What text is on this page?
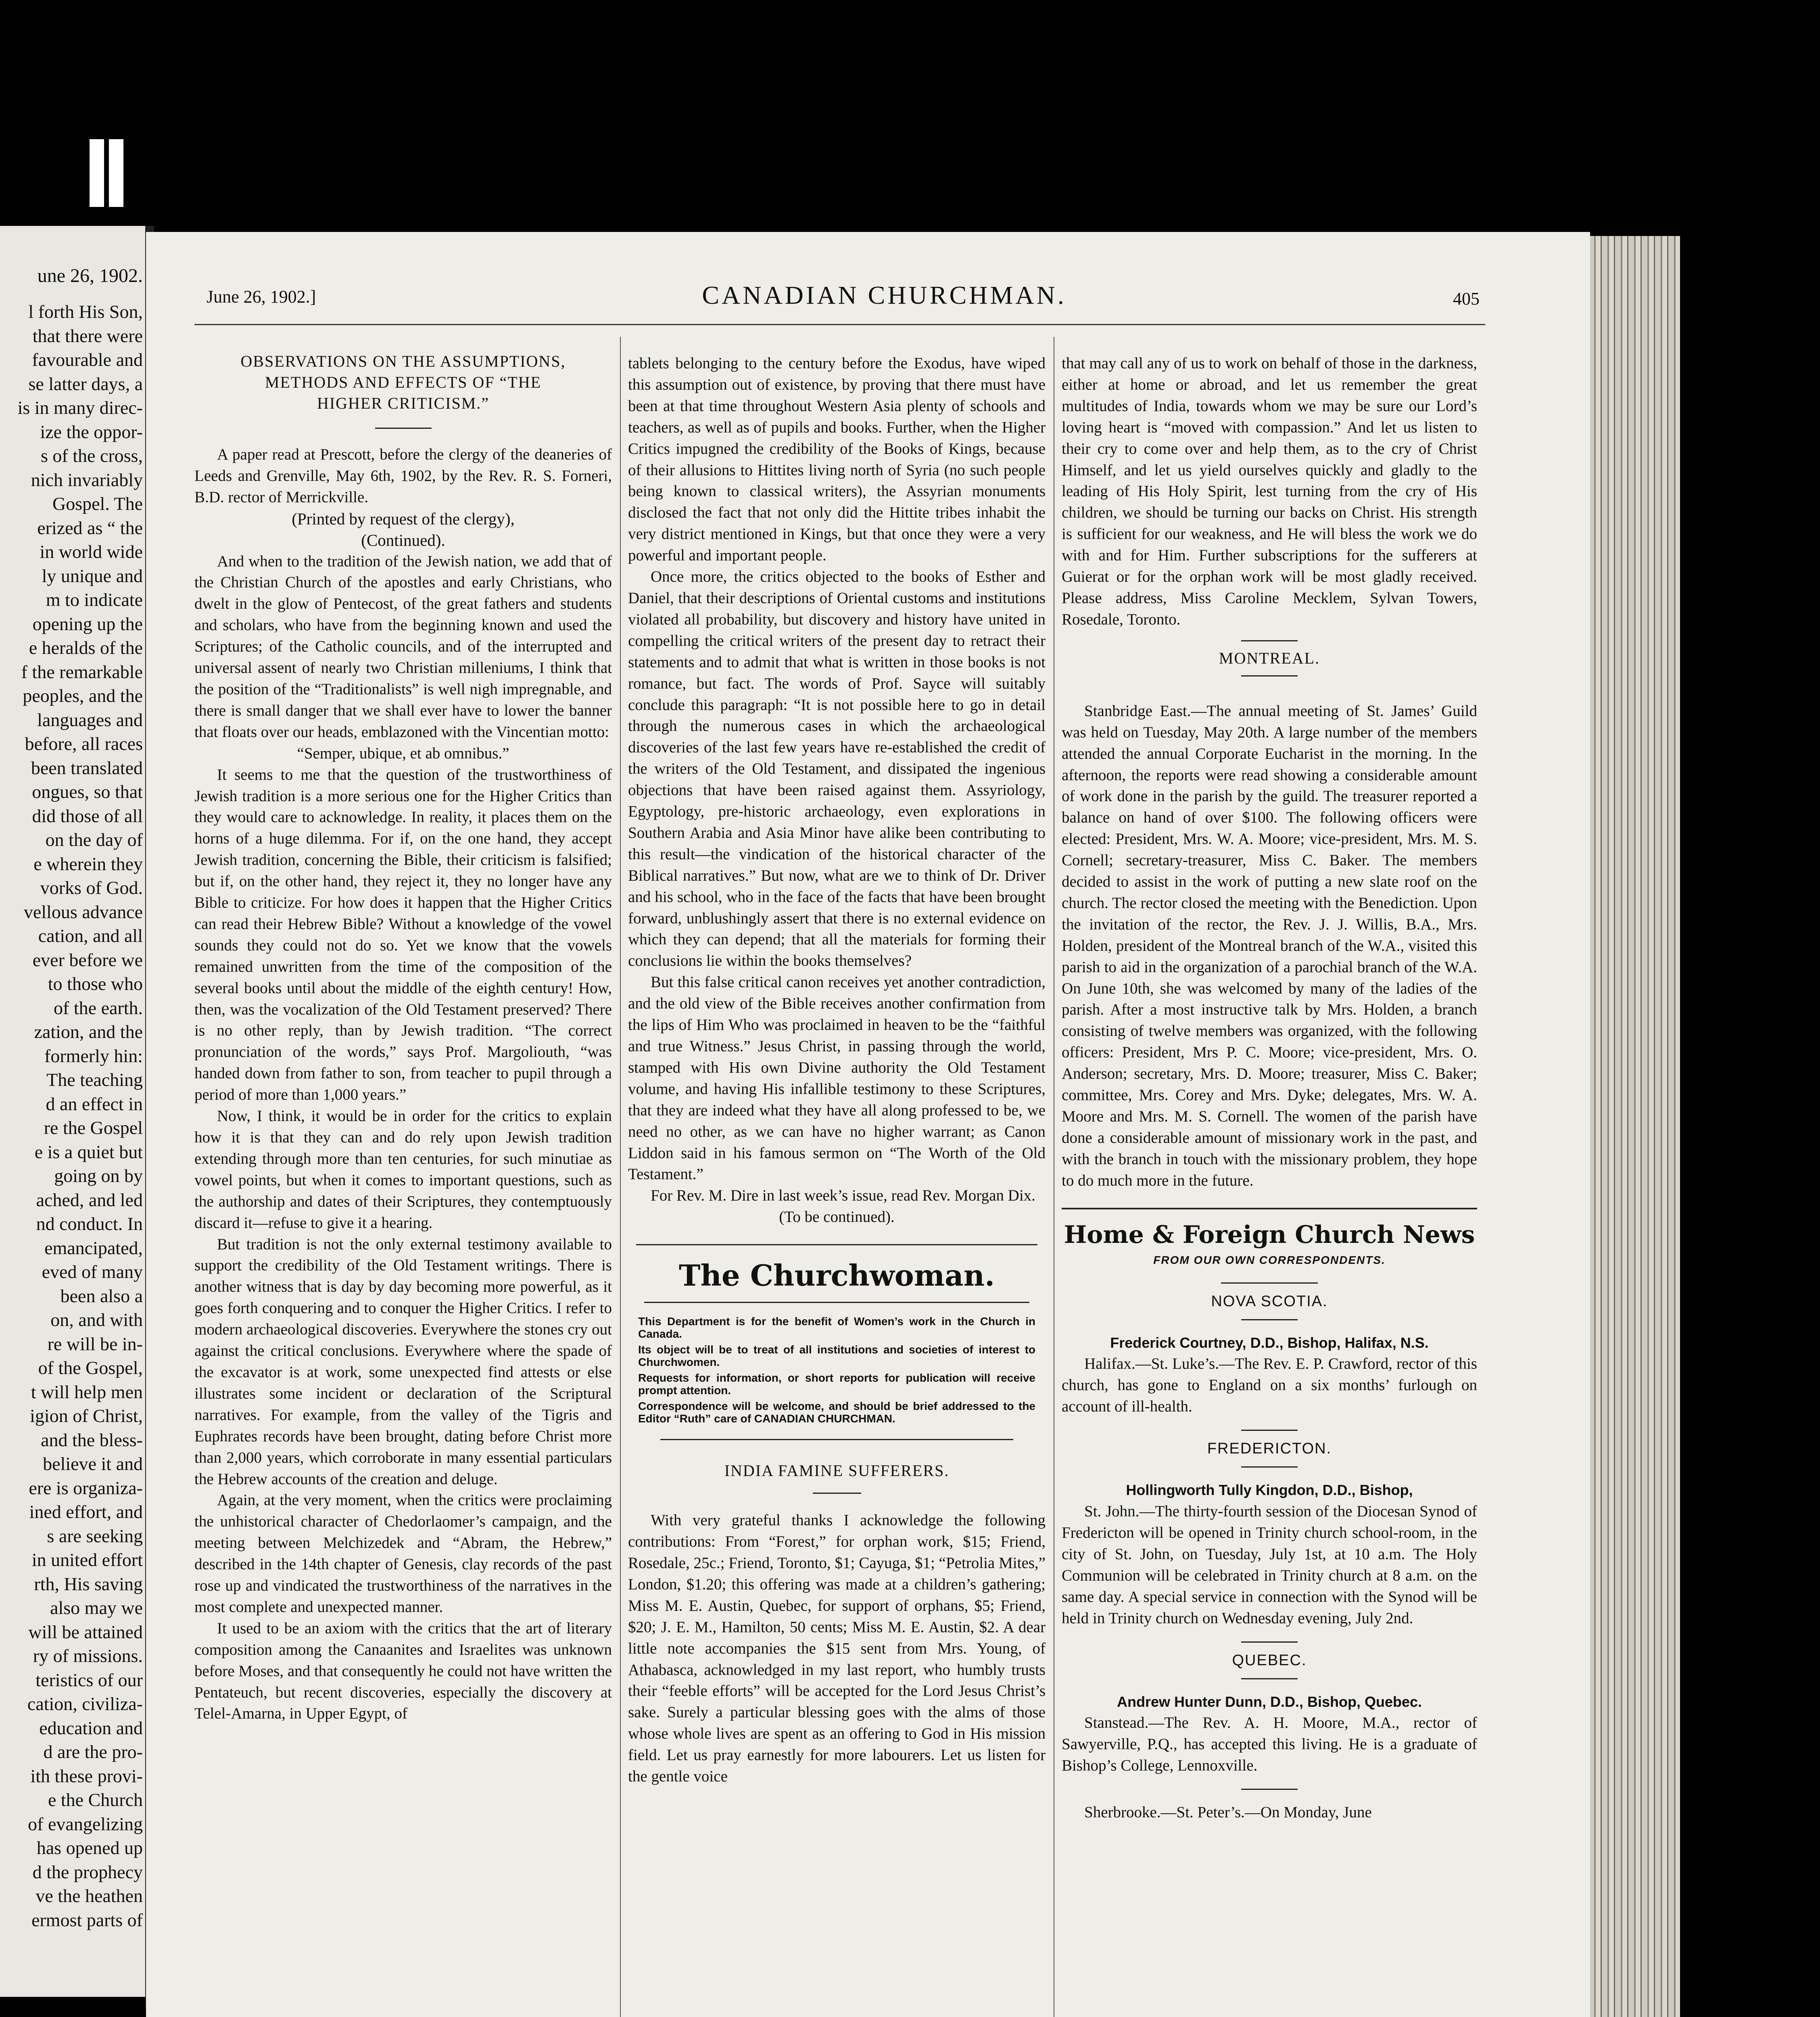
une 26, 1902.
l forth His Son,
that there were
favourable and
se latter days, a
is in many direc-
ize the oppor-
s of the cross,
nich invariably
Gospel. The
erized as “ the
in world wide
ly unique and
m to indicate
opening up the
e heralds of the
f the remarkable
peoples, and the
languages and
before, all races
been translated
ongues, so that
did those of all
on the day of
e wherein they
vorks of God.
vellous advance
cation, and all
ever before we
to those who
of the earth.
zation, and the
formerly hin:
The teaching
d an effect in
re the Gospel
e is a quiet but
going on by
ached, and led
nd conduct. In
emancipated,
eved of many
been also a
on, and with
re will be in-
of the Gospel,
t will help men
igion of Christ,
and the bless-
believe it and
ere is organiza-
ined effort, and
s are seeking
in united effort
rth, His saving
also may we
will be attained
ry of missions.
teristics of our
cation, civiliza-
education and
d are the pro-
ith these provi-
e the Church
of evangelizing
has opened up
d the prophecy
ve the heathen
ermost parts of
June 26, 1902.]	CANADIAN CHURCHMAN.	405
OBSERVATIONS ON THE ASSUMPTIONS,
METHODS AND EFFECTS OF “THE
HIGHER CRITICISM.”

A paper read at Prescott, before the clergy of the deaneries of Leeds and Grenville, May 6th, 1902, by the Rev. R. S. Forneri, B.D. rector of Merrickville.

(Printed by request of the clergy),

(Continued).

And when to the tradition of the Jewish nation, we add that of the Christian Church of the apostles and early Christians, who dwelt in the glow of Pentecost, of the great fathers and students and scholars, who have from the beginning known and used the Scriptures; of the Catholic councils, and of the interrupted and universal assent of nearly two Christian milleniums, I think that the position of the “Traditionalists” is well nigh impregnable, and there is small danger that we shall ever have to lower the banner that floats over our heads, emblazoned with the Vincentian motto:

“Semper, ubique, et ab omnibus.”

It seems to me that the question of the trustworthiness of Jewish tradition is a more serious one for the Higher Critics than they would care to acknowledge. In reality, it places them on the horns of a huge dilemma. For if, on the one hand, they accept Jewish tradition, concerning the Bible, their criticism is falsified; but if, on the other hand, they reject it, they no longer have any Bible to criticize. For how does it happen that the Higher Critics can read their Hebrew Bible? Without a knowledge of the vowel sounds they could not do so. Yet we know that the vowels remained unwritten from the time of the composition of the several books until about the middle of the eighth century! How, then, was the vocalization of the Old Testament preserved? There is no other reply, than by Jewish tradition. “The correct pronunciation of the words,” says Prof. Margoliouth, “was handed down from father to son, from teacher to pupil through a period of more than 1,000 years.”

Now, I think, it would be in order for the critics to explain how it is that they can and do rely upon Jewish tradition extending through more than ten centuries, for such minutiae as vowel points, but when it comes to important questions, such as the authorship and dates of their Scriptures, they contemptuously discard it—refuse to give it a hearing.

But tradition is not the only external testimony available to support the credibility of the Old Testament writings. There is another witness that is day by day becoming more powerful, as it goes forth conquering and to conquer the Higher Critics. I refer to modern archaeological discoveries. Everywhere the stones cry out against the critical conclusions. Everywhere where the spade of the excavator is at work, some unexpected find attests or else illustrates some incident or declaration of the Scriptural narratives. For example, from the valley of the Tigris and Euphrates records have been brought, dating before Christ more than 2,000 years, which corroborate in many essential particulars the Hebrew accounts of the creation and deluge.

Again, at the very moment, when the critics were proclaiming the unhistorical character of Chedorlaomer’s campaign, and the meeting between Melchizedek and “Abram, the Hebrew,” described in the 14th chapter of Genesis, clay records of the past rose up and vindicated the trustworthiness of the narratives in the most complete and unexpected manner.

It used to be an axiom with the critics that the art of literary composition among the Canaanites and Israelites was unknown before Moses, and that consequently he could not have written the Pentateuch, but recent discoveries, especially the discovery at Telel-Amarna, in Upper Egypt, of

tablets belonging to the century before the Exodus, have wiped this assumption out of existence, by proving that there must have been at that time throughout Western Asia plenty of schools and teachers, as well as of pupils and books. Further, when the Higher Critics impugned the credibility of the Books of Kings, because of their allusions to Hittites living north of Syria (no such people being known to classical writers), the Assyrian monuments disclosed the fact that not only did the Hittite tribes inhabit the very district mentioned in Kings, but that once they were a very powerful and important people.

Once more, the critics objected to the books of Esther and Daniel, that their descriptions of Oriental customs and institutions violated all probability, but discovery and history have united in compelling the critical writers of the present day to retract their statements and to admit that what is written in those books is not romance, but fact. The words of Prof. Sayce will suitably conclude this paragraph: “It is not possible here to go in detail through the numerous cases in which the archaeological discoveries of the last few years have re-established the credit of the writers of the Old Testament, and dissipated the ingenious objections that have been raised against them. Assyriology, Egyptology, pre-historic archaeology, even explorations in Southern Arabia and Asia Minor have alike been contributing to this result—the vindication of the historical character of the Biblical narratives.” But now, what are we to think of Dr. Driver and his school, who in the face of the facts that have been brought forward, unblushingly assert that there is no external evidence on which they can depend; that all the materials for forming their conclusions lie within the books themselves?

But this false critical canon receives yet another contradiction, and the old view of the Bible receives another confirmation from the lips of Him Who was proclaimed in heaven to be the “faithful and true Witness.” Jesus Christ, in passing through the world, stamped with His own Divine authority the Old Testament volume, and having His infallible testimony to these Scriptures, that they are indeed what they have all along professed to be, we need no other, as we can have no higher warrant; as Canon Liddon said in his famous sermon on “The Worth of the Old Testament.”

For Rev. M. Dire in last week’s issue, read Rev. Morgan Dix.

(To be continued).

The Churchwoman.

This Department is for the benefit of Women’s work in the Church in Canada.

Its object will be to treat of all institutions and societies of interest to Churchwomen.

Requests for information, or short reports for publication will receive prompt attention.

Correspondence will be welcome, and should be brief addressed to the Editor “Ruth” care of CANADIAN CHURCHMAN.

INDIA FAMINE SUFFERERS.

With very grateful thanks I acknowledge the following contributions: From “Forest,” for orphan work, $15; Friend, Rosedale, 25c.; Friend, Toronto, $1; Cayuga, $1; “Petrolia Mites,” London, $1.20; this offering was made at a children’s gathering; Miss M. E. Austin, Quebec, for support of orphans, $5; Friend, $20; J. E. M., Hamilton, 50 cents; Miss M. E. Austin, $2. A dear little note accompanies the $15 sent from Mrs. Young, of Athabasca, acknowledged in my last report, who humbly trusts their “feeble efforts” will be accepted for the Lord Jesus Christ’s sake. Surely a particular blessing goes with the alms of those whose whole lives are spent as an offering to God in His mission field. Let us pray earnestly for more labourers. Let us listen for the gentle voice

that may call any of us to work on behalf of those in the darkness, either at home or abroad, and let us remember the great multitudes of India, towards whom we may be sure our Lord’s loving heart is “moved with compassion.” And let us listen to their cry to come over and help them, as to the cry of Christ Himself, and let us yield ourselves quickly and gladly to the leading of His Holy Spirit, lest turning from the cry of His children, we should be turning our backs on Christ. His strength is sufficient for our weakness, and He will bless the work we do with and for Him. Further subscriptions for the sufferers at Guierat or for the orphan work will be most gladly received. Please address, Miss Caroline Mecklem, Sylvan Towers, Rosedale, Toronto.

MONTREAL.

Stanbridge East.—The annual meeting of St. James’ Guild was held on Tuesday, May 20th. A large number of the members attended the annual Corporate Eucharist in the morning. In the afternoon, the reports were read showing a considerable amount of work done in the parish by the guild. The treasurer reported a balance on hand of over $100. The following officers were elected: President, Mrs. W. A. Moore; vice-president, Mrs. M. S. Cornell; secretary-treasurer, Miss C. Baker. The members decided to assist in the work of putting a new slate roof on the church. The rector closed the meeting with the Benediction. Upon the invitation of the rector, the Rev. J. J. Willis, B.A., Mrs. Holden, president of the Montreal branch of the W.A., visited this parish to aid in the organization of a parochial branch of the W.A. On June 10th, she was welcomed by many of the ladies of the parish. After a most instructive talk by Mrs. Holden, a branch consisting of twelve members was organized, with the following officers: President, Mrs P. C. Moore; vice-president, Mrs. O. Anderson; secretary, Mrs. D. Moore; treasurer, Miss C. Baker; committee, Mrs. Corey and Mrs. Dyke; delegates, Mrs. W. A. Moore and Mrs. M. S. Cornell. The women of the parish have done a considerable amount of missionary work in the past, and with the branch in touch with the missionary problem, they hope to do much more in the future.

Home & Foreign Church News
FROM OUR OWN CORRESPONDENTS.
NOVA SCOTIA.

Frederick Courtney, D.D., Bishop, Halifax, N.S.

Halifax.—St. Luke’s.—The Rev. E. P. Crawford, rector of this church, has gone to England on a six months’ furlough on account of ill-health.

FREDERICTON.

Hollingworth Tully Kingdon, D.D., Bishop,

St. John.—The thirty-fourth session of the Diocesan Synod of Fredericton will be opened in Trinity church school-room, in the city of St. John, on Tuesday, July 1st, at 10 a.m. The Holy Communion will be celebrated in Trinity church at 8 a.m. on the same day. A special service in connection with the Synod will be held in Trinity church on Wednesday evening, July 2nd.

QUEBEC.

Andrew Hunter Dunn, D.D., Bishop, Quebec.

Stanstead.—The Rev. A. H. Moore, M.A., rector of Sawyerville, P.Q., has accepted this living. He is a graduate of Bishop’s College, Lennoxville.

Sherbrooke.—St. Peter’s.—On Monday, June
